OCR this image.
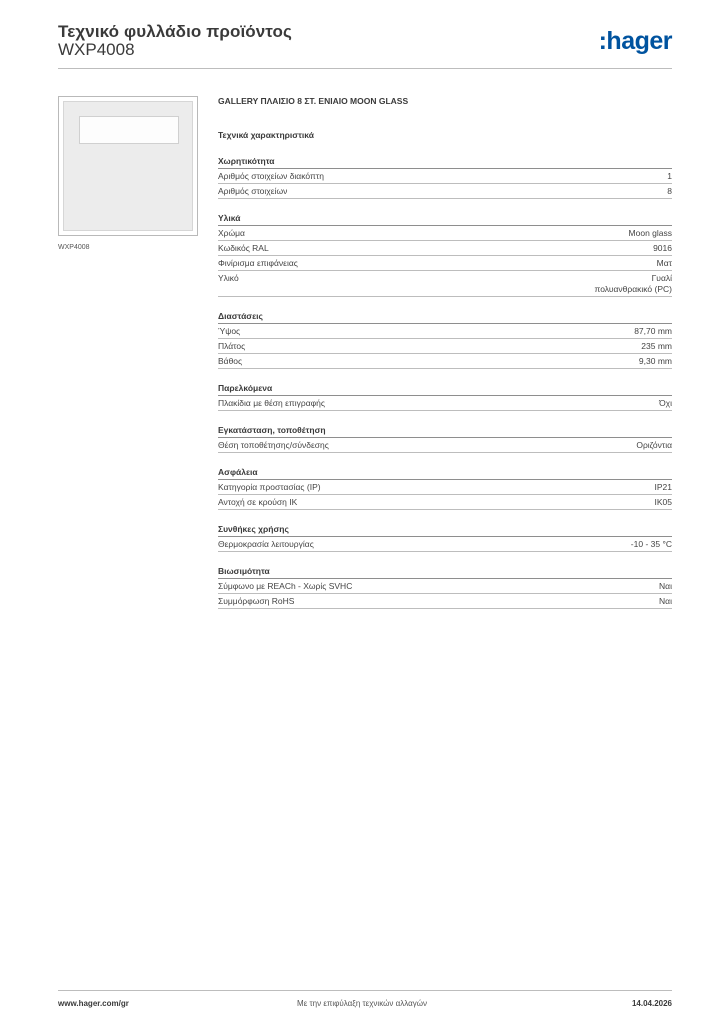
Τεχνικό φυλλάδιο προϊόντος
WXP4008	:hager
WXP4008
GALLERY ΠΛΑΙΣΙΟ 8 ΣΤ. ΕΝΙΑΙΟ MOON GLASS
Τεχνικά χαρακτηριστικά
Χωρητικότητα
Αριθμός στοιχείων διακόπτη	1
Αριθμός στοιχείων	8
Υλικά
Χρώμα	Moon glass
Κωδικός RAL	9016
Φινίρισμα επιφάνειας	Ματ
Υλικό	Γυαλί
πολυανθρακικό (PC)
Διαστάσεις
Ύψος	87,70 mm
Πλάτος	235 mm
Βάθος	9,30 mm
Παρελκόμενα
Πλακίδια με θέση επιγραφής	Όχι
Εγκατάσταση, τοποθέτηση
Θέση τοποθέτησης/σύνδεσης	Οριζόντια
Ασφάλεια
Κατηγορία προστασίας (IP)	IP21
Αντοχή σε κρούση IK	IK05
Συνθήκες χρήσης
Θερμοκρασία λειτουργίας	-10 - 35 °C
Βιωσιμότητα
Σύμφωνο με REACh - Χωρίς SVHC	Ναι
Συμμόρφωση RoHS	Ναι
www.hager.com/gr	Με την επιφύλαξη τεχνικών αλλαγών	14.04.2026
